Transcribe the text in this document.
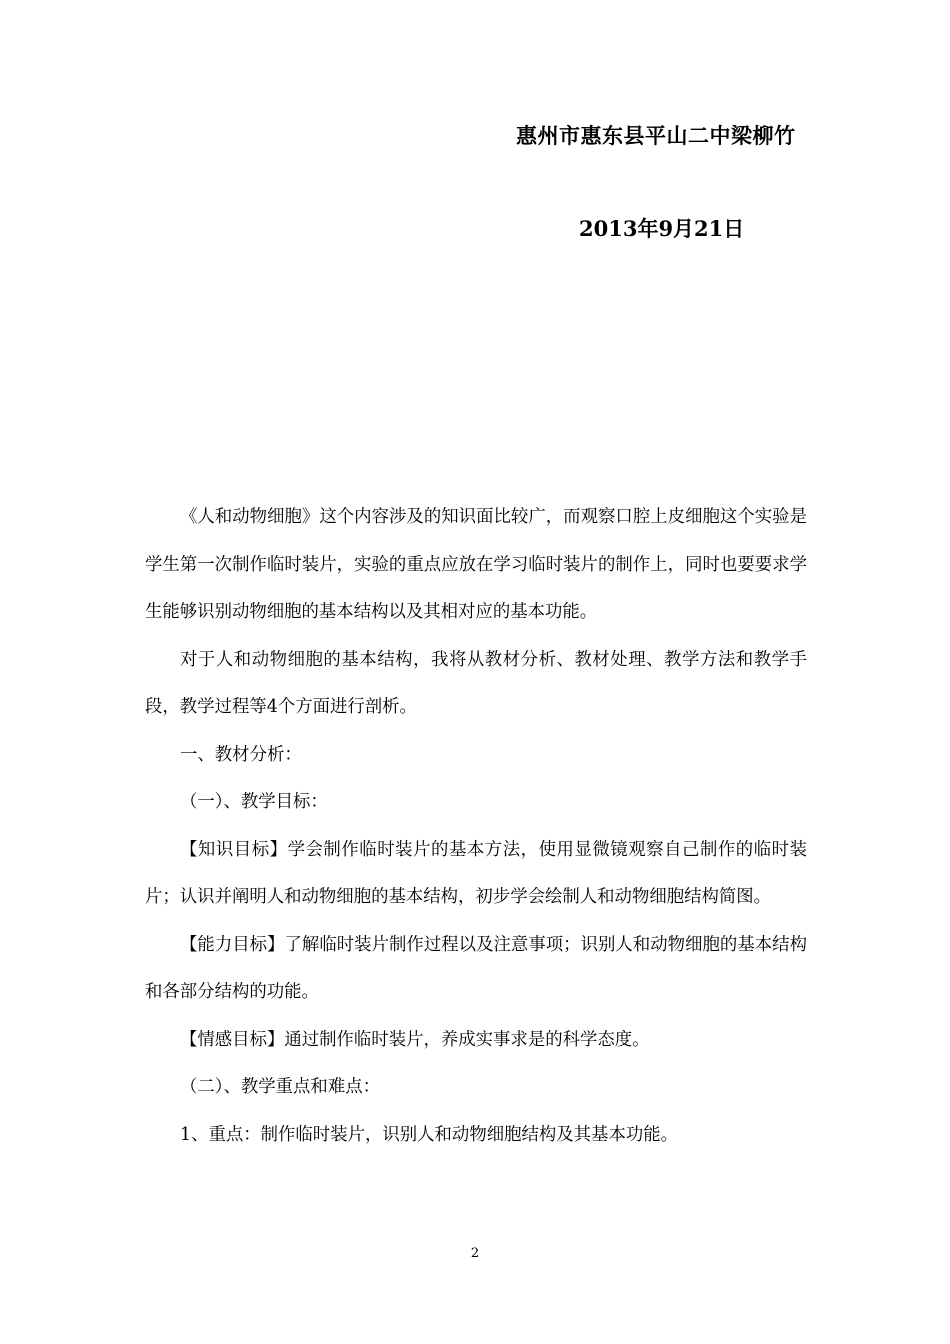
惠州市惠东县平山二中梁柳竹
2013年9月21日

《人和动物细胞》这个内容涉及的知识面比较广，而观察口腔上皮细胞这个实验是学生第一次制作临时装片，实验的重点应放在学习临时装片的制作上，同时也要要求学生能够识别动物细胞的基本结构以及其相对应的基本功能。

对于人和动物细胞的基本结构，我将从教材分析、教材处理、教学方法和教学手段，教学过程等4个方面进行剖析。

一、教材分析：

（一）、教学目标：

【知识目标】学会制作临时装片的基本方法，使用显微镜观察自己制作的临时装片；认识并阐明人和动物细胞的基本结构，初步学会绘制人和动物细胞结构简图。

【能力目标】了解临时装片制作过程以及注意事项；识别人和动物细胞的基本结构和各部分结构的功能。

【情感目标】通过制作临时装片，养成实事求是的科学态度。

（二）、教学重点和难点：

1、重点：制作临时装片，识别人和动物细胞结构及其基本功能。

2
